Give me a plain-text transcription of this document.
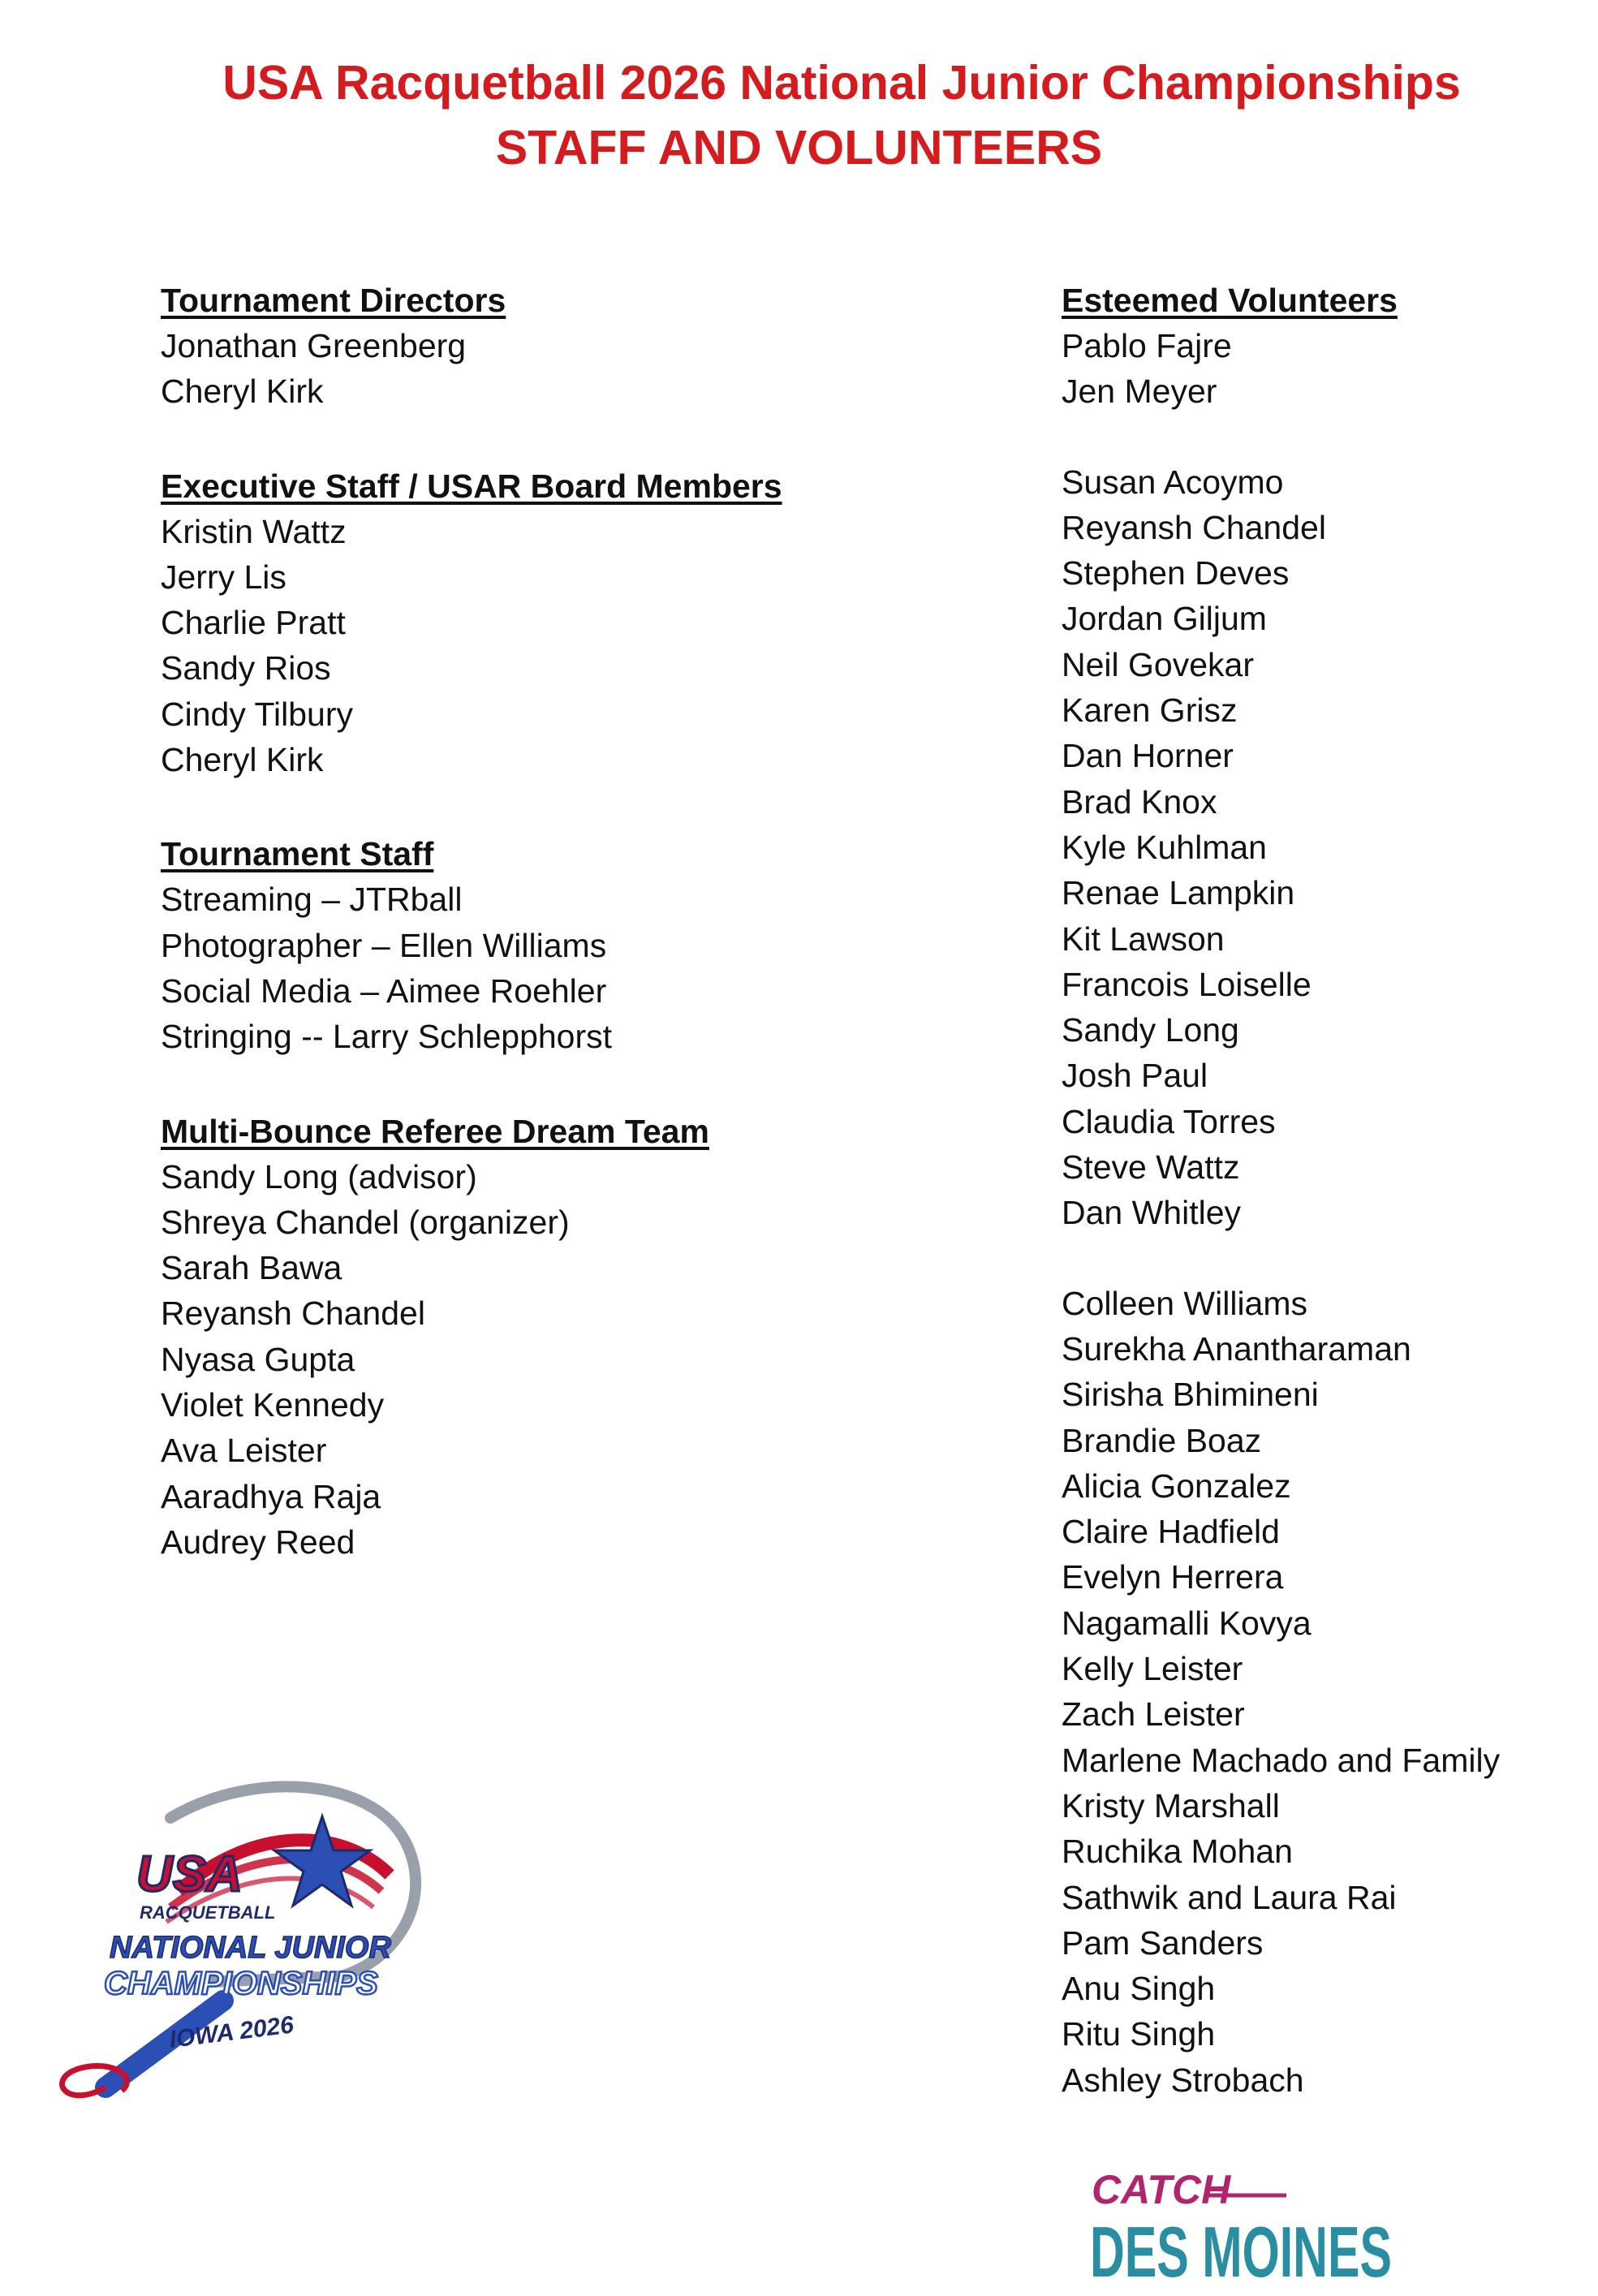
USA Racquetball 2026 National Junior Championships
STAFF AND VOLUNTEERS
Tournament Directors
Jonathan Greenberg
Cheryl Kirk
Executive Staff / USAR Board Members
Kristin Wattz
Jerry Lis
Charlie Pratt
Sandy Rios
Cindy Tilbury
Cheryl Kirk
Tournament Staff
Streaming – JTRball
Photographer – Ellen Williams
Social Media – Aimee Roehler
Stringing -- Larry Schlepphorst
Multi-Bounce Referee Dream Team
Sandy Long (advisor)
Shreya Chandel (organizer)
Sarah Bawa
Reyansh Chandel
Nyasa Gupta
Violet Kennedy
Ava Leister
Aaradhya Raja
Audrey Reed
Esteemed Volunteers
Pablo Fajre
Jen Meyer
Susan Acoymo
Reyansh Chandel
Stephen Deves
Jordan Giljum
Neil Govekar
Karen Grisz
Dan Horner
Brad Knox
Kyle Kuhlman
Renae Lampkin
Kit Lawson
Francois Loiselle
Sandy Long
Josh Paul
Claudia Torres
Steve Wattz
Dan Whitley
Colleen Williams
Surekha Anantharaman
Sirisha Bhimineni
Brandie Boaz
Alicia Gonzalez
Claire Hadfield
Evelyn Herrera
Nagamalli Kovya
Kelly Leister
Zach Leister
Marlene Machado and Family
Kristy Marshall
Ruchika Mohan
Sathwik and Laura Rai
Pam Sanders
Anu Singh
Ritu Singh
Ashley Strobach
USA
RACQUETBALL
NATIONAL JUNIOR
CHAMPIONSHIPS
IOWA 2026
CATCH
DES MOINES
